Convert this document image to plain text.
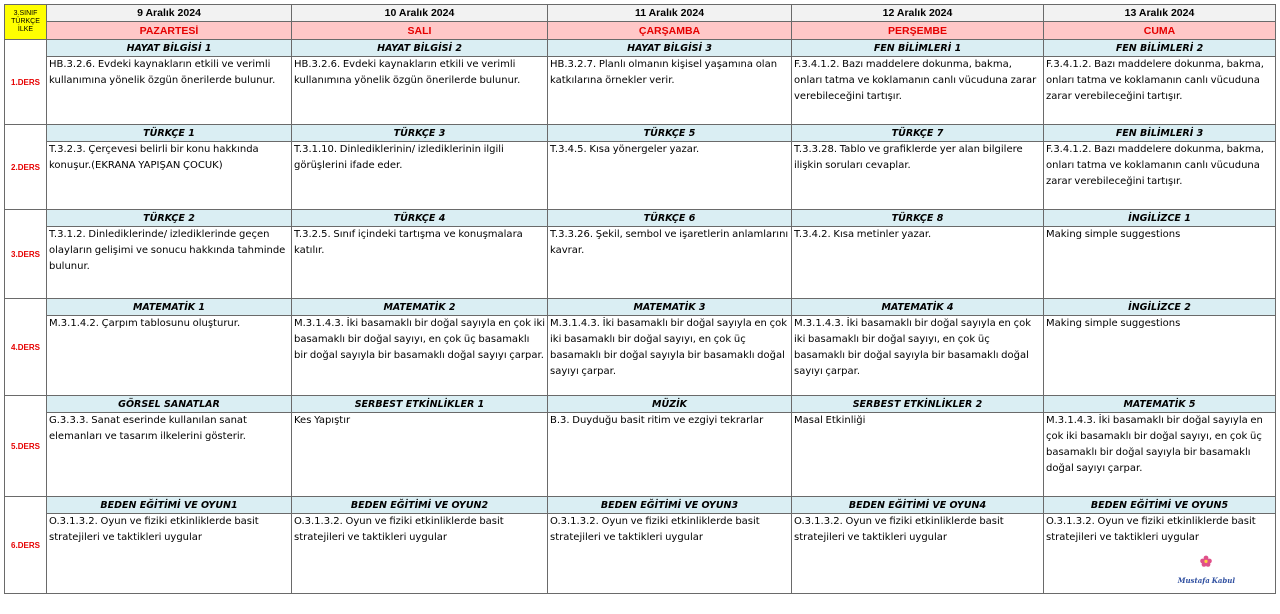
3.SINIF
TÜRKÇE
İLKE	9 Aralık 2024	10 Aralık 2024	11 Aralık 2024	12 Aralık 2024	13 Aralık 2024
	PAZARTESİ	SALI	ÇARŞAMBA	PERŞEMBE	CUMA
1.DERS	HAYAT BİLGİSİ 1	HAYAT BİLGİSİ 2	HAYAT BİLGİSİ 3	FEN BİLİMLERİ 1	FEN BİLİMLERİ 2
	HB.3.2.6. Evdeki kaynakların etkili ve verimli kullanımına yönelik özgün önerilerde bulunur.	HB.3.2.6. Evdeki kaynakların etkili ve verimli kullanımına yönelik özgün önerilerde bulunur.	HB.3.2.7. Planlı olmanın kişisel yaşamına olan katkılarına örnekler verir.	F.3.4.1.2. Bazı maddelere dokunma, bakma, onları tatma ve koklamanın canlı vücuduna zarar verebileceğini tartışır.	F.3.4.1.2. Bazı maddelere dokunma, bakma, onları tatma ve koklamanın canlı vücuduna zarar verebileceğini tartışır.
2.DERS	TÜRKÇE 1	TÜRKÇE 3	TÜRKÇE 5	TÜRKÇE 7	FEN BİLİMLERİ 3
	T.3.2.3. Çerçevesi belirli bir konu hakkında konuşur.(EKRANA YAPIŞAN ÇOCUK)	T.3.1.10. Dinlediklerinin/ izlediklerinin ilgili görüşlerini ifade eder.	T.3.4.5. Kısa yönergeler yazar.	T.3.3.28. Tablo ve grafiklerde yer alan bilgilere ilişkin soruları cevaplar.	F.3.4.1.2. Bazı maddelere dokunma, bakma, onları tatma ve koklamanın canlı vücuduna zarar verebileceğini tartışır.
3.DERS	TÜRKÇE 2	TÜRKÇE 4	TÜRKÇE 6	TÜRKÇE 8	İNGİLİZCE 1
	T.3.1.2. Dinlediklerinde/ izlediklerinde geçen olayların gelişimi ve sonucu hakkında tahminde bulunur.	T.3.2.5. Sınıf içindeki tartışma ve konuşmalara katılır.	T.3.3.26. Şekil, sembol ve işaretlerin anlamlarını kavrar.	T.3.4.2. Kısa metinler yazar.	Making simple suggestions
4.DERS	MATEMATİK 1	MATEMATİK 2	MATEMATİK 3	MATEMATİK 4	İNGİLİZCE 2
	M.3.1.4.2. Çarpım tablosunu oluşturur.	M.3.1.4.3. İki basamaklı bir doğal sayıyla en çok iki basamaklı bir doğal sayıyı, en çok üç basamaklı bir doğal sayıyla bir basamaklı doğal sayıyı çarpar.	M.3.1.4.3. İki basamaklı bir doğal sayıyla en çok iki basamaklı bir doğal sayıyı, en çok üç basamaklı bir doğal sayıyla bir basamaklı doğal sayıyı çarpar.	M.3.1.4.3. İki basamaklı bir doğal sayıyla en çok iki basamaklı bir doğal sayıyı, en çok üç basamaklı bir doğal sayıyla bir basamaklı doğal sayıyı çarpar.	Making simple suggestions
5.DERS	GÖRSEL SANATLAR	SERBEST ETKİNLİKLER 1	MÜZİK	SERBEST ETKİNLİKLER 2	MATEMATİK 5
	G.3.3.3. Sanat eserinde kullanılan sanat elemanları ve tasarım ilkelerini gösterir.	Kes Yapıştır	B.3. Duyduğu basit ritim ve ezgiyi tekrarlar	Masal Etkinliği	M.3.1.4.3. İki basamaklı bir doğal sayıyla en çok iki basamaklı bir doğal sayıyı, en çok üç basamaklı bir doğal sayıyla bir basamaklı doğal sayıyı çarpar.
6.DERS	BEDEN EĞİTİMİ VE OYUN1	BEDEN EĞİTİMİ VE OYUN2	BEDEN EĞİTİMİ VE OYUN3	BEDEN EĞİTİMİ VE OYUN4	BEDEN EĞİTİMİ VE OYUN5
	O.3.1.3.2. Oyun ve fiziki etkinliklerde basit stratejileri ve taktikleri uygular	O.3.1.3.2. Oyun ve fiziki etkinliklerde basit stratejileri ve taktikleri uygular	O.3.1.3.2. Oyun ve fiziki etkinliklerde basit stratejileri ve taktikleri uygular	O.3.1.3.2. Oyun ve fiziki etkinliklerde basit stratejileri ve taktikleri uygular	O.3.1.3.2. Oyun ve fiziki etkinliklerde basit stratejileri ve taktikleri uygular
Mustafa Kabul
